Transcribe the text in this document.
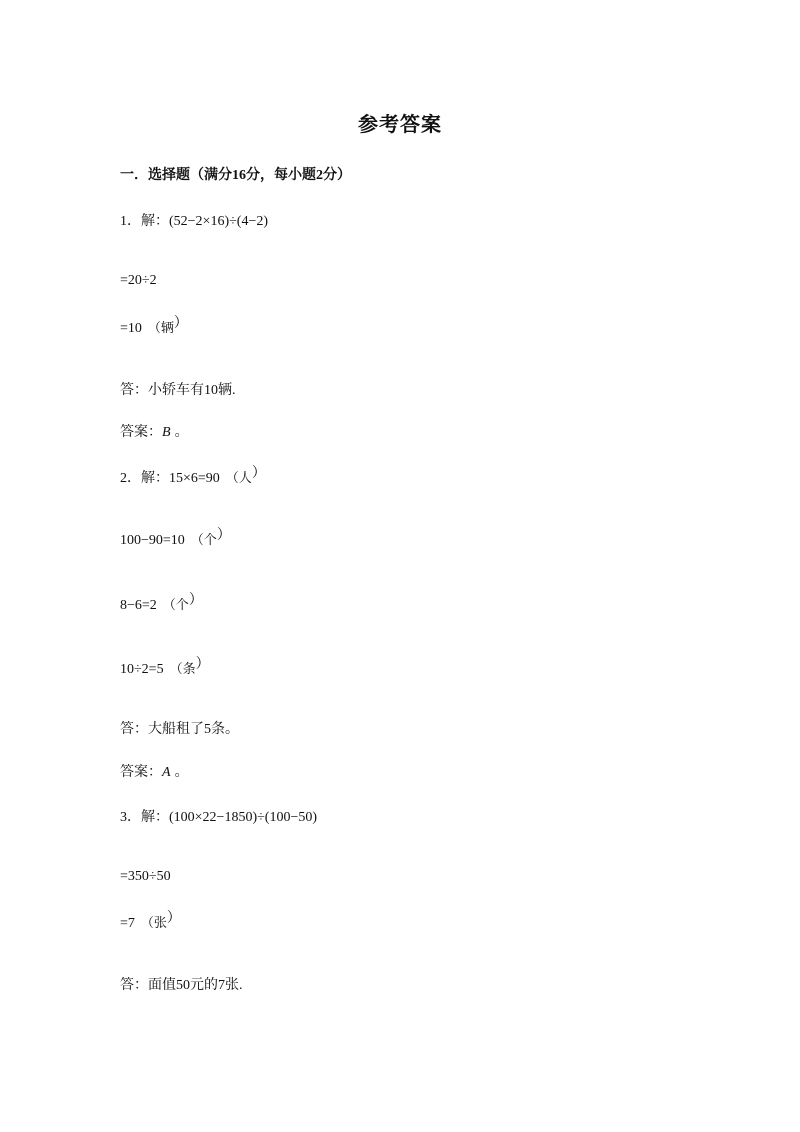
参考答案
一．选择题（满分16分，每小题2分）
1．解：(52−2×16)÷(4−2)
=20÷2
=10 （辆）
答：小轿车有10辆.
答案：B 。
2．解：15×6=90 （人）
100−90=10 （个）
8−6=2 （个）
10÷2=5 （条）
答：大船租了5条。
答案：A 。
3．解：(100×22−1850)÷(100−50)
=350÷50
=7 （张）
答：面值50元的7张.
